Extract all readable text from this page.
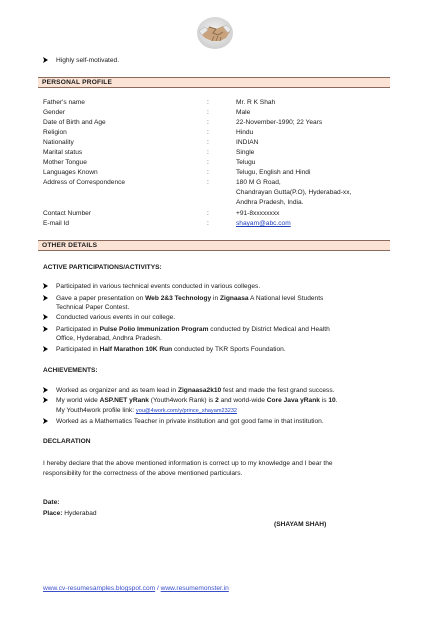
Highly self-motivated.
PERSONAL PROFILE
Father's name	:	Mr. R K Shah
Gender	:	Male
Date of Birth and Age	:	22-November-1990; 22 Years
Religion	:	Hindu
Nationality	:	INDIAN
Marital status	:	Single
Mother Tongue	:	Telugu
Languages Known	:	Telugu, English and Hindi
Address of Correspondence	:	180 M G Road,
Chandrayan Gutta(P.O), Hyderabad-xx,
Andhra Pradesh, India.
Contact Number	:	+91-8xxxxxxxx
E-mail Id	:	shayam@abc.com
OTHER DETAILS
ACTIVE PARTICIPATIONS/ACTIVITYS:
Participated in various technical events conducted in various colleges.
Gave a paper presentation on Web 2&3 Technology in Zignaasa A National level Students
Technical Paper Contest.
Conducted various events in our college.
Participated in Pulse Polio Immunization Program conducted by District Medical and Health
Office, Hyderabad, Andhra Pradesh.
Participated in Half Marathon 10K Run conducted by TKR Sports Foundation.
ACHIEVEMENTS:
Worked as organizer and as team lead in Zignaasa2k10 fest and made the fest grand success.
My world wide ASP.NET yRank (Youth4work Rank) is 2 and world-wide Core Java yRank is 10.
My Youth4work profile link: you@4work.com/y/prince_shayam23232
Worked as a Mathematics Teacher in private institution and got good fame in that institution.
DECLARATION
I hereby declare that the above mentioned information is correct up to my knowledge and I bear the
responsibility for the correctness of the above mentioned particulars.
Date:
Place: Hyderabad
(SHAYAM SHAH)
www.cv-resumesamples.blogspot.com / www.resumemonster.in
